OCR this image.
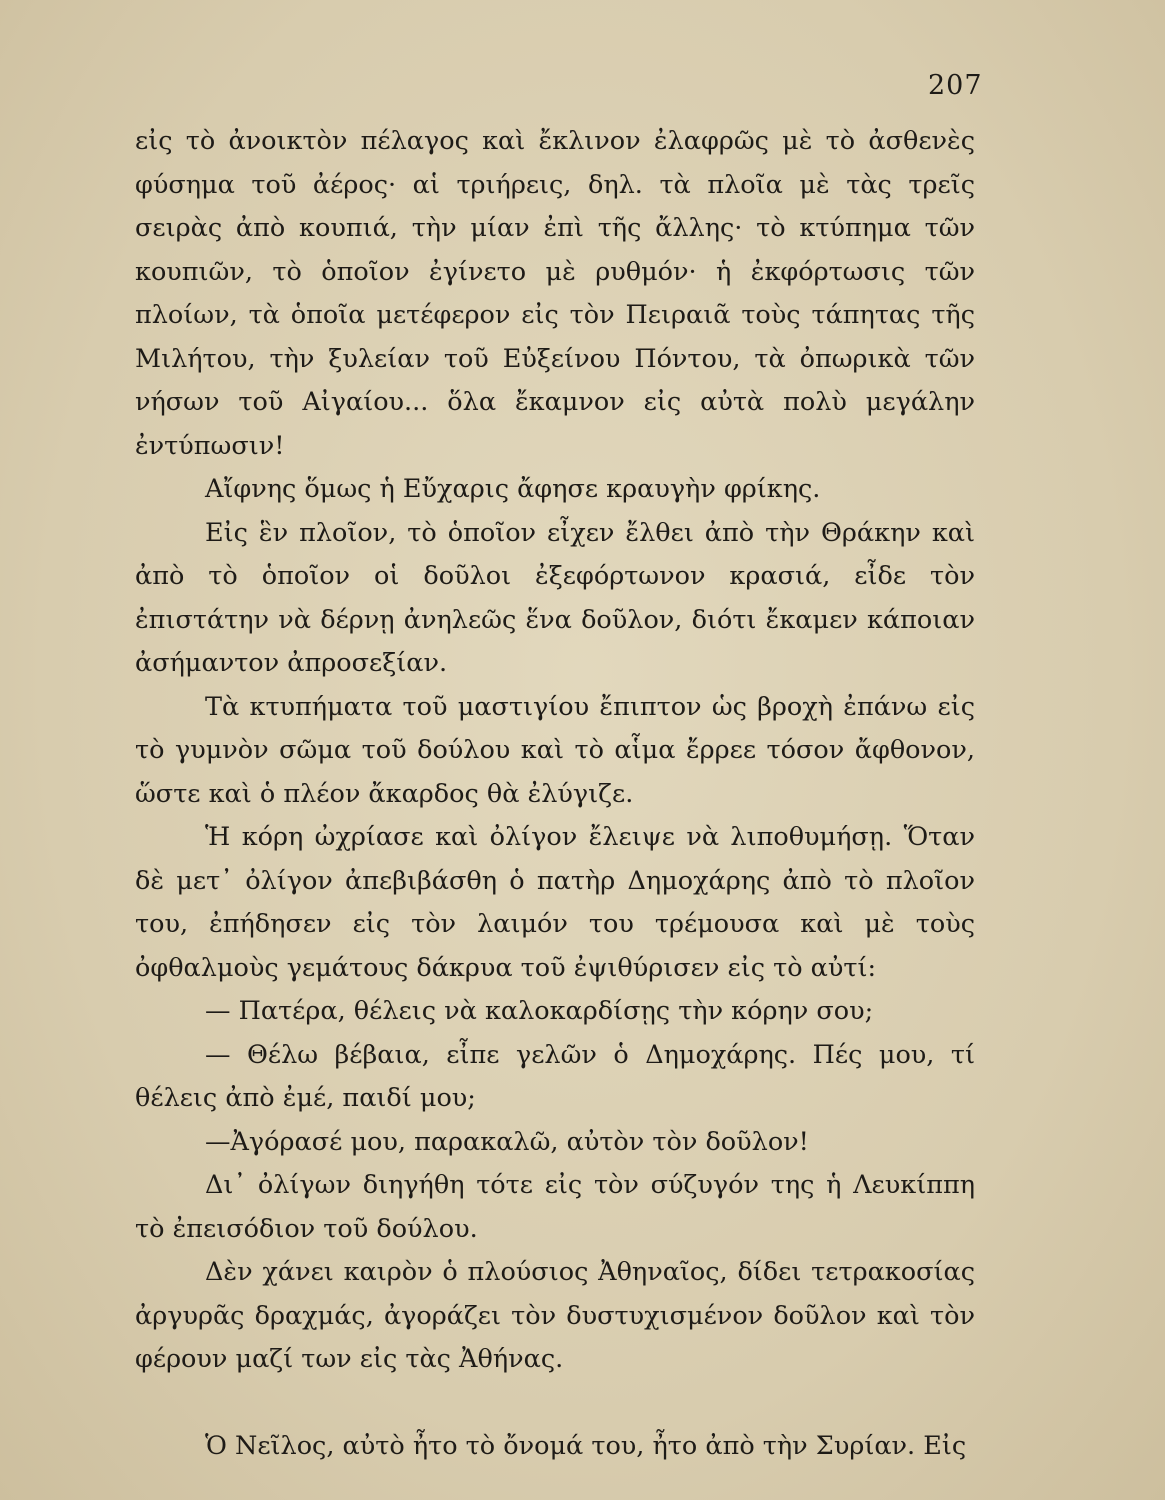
207

εἰς τὸ ἀνοικτὸν πέλαγος καὶ ἔκλινον ἐλαφρῶς μὲ τὸ ἀσθενὲς φύσημα τοῦ ἀέρος· αἱ τριήρεις, δηλ. τὰ πλοῖα μὲ τὰς τρεῖς σειρὰς ἀπὸ κουπιά, τὴν μίαν ἐπὶ τῆς ἄλλης· τὸ κτύπημα τῶν κουπιῶν, τὸ ὁποῖον ἐγίνετο μὲ ρυθμόν· ἡ ἐκφόρτωσις τῶν πλοίων, τὰ ὁποῖα μετέφερον εἰς τὸν Πειραιᾶ τοὺς τάπητας τῆς Μιλήτου, τὴν ξυλείαν τοῦ Εὐξείνου Πόντου, τὰ ὀπωρικὰ τῶν νήσων τοῦ Αἰγαίου... ὅλα ἔκαμνον εἰς αὐτὰ πολὺ μεγάλην ἐντύπωσιν!

Αἴφνης ὅμως ἡ Εὔχαρις ἄφησε κραυγὴν φρίκης.

Εἰς ἓν πλοῖον, τὸ ὁποῖον εἶχεν ἔλθει ἀπὸ τὴν Θράκην καὶ ἀπὸ τὸ ὁποῖον οἱ δοῦλοι ἐξεφόρτωνον κρασιά, εἶδε τὸν ἐπιστάτην νὰ δέρνῃ ἀνηλεῶς ἕνα δοῦλον, διότι ἔκαμεν κάποιαν ἀσήμαντον ἀπροσεξίαν.

Τὰ κτυπήματα τοῦ μαστιγίου ἔπιπτον ὡς βροχὴ ἐπάνω εἰς τὸ γυμνὸν σῶμα τοῦ δούλου καὶ τὸ αἷμα ἔρρεε τόσον ἄφθονον, ὥστε καὶ ὁ πλέον ἄκαρδος θὰ ἐλύγιζε.

Ἡ κόρη ὠχρίασε καὶ ὀλίγον ἔλειψε νὰ λιποθυμήσῃ. Ὅταν δὲ μετ᾽ ὀλίγον ἀπεβιβάσθη ὁ πατὴρ Δημοχάρης ἀπὸ τὸ πλοῖον του, ἐπήδησεν εἰς τὸν λαιμόν του τρέμουσα καὶ μὲ τοὺς ὀφθαλμοὺς γεμάτους δάκρυα τοῦ ἐψιθύρισεν εἰς τὸ αὐτί:

— Πατέρα, θέλεις νὰ καλοκαρδίσῃς τὴν κόρην σου;

— Θέλω βέβαια, εἶπε γελῶν ὁ Δημοχάρης. Πές μου, τί θέλεις ἀπὸ ἐμέ, παιδί μου;

—Ἀγόρασέ μου, παρακαλῶ, αὐτὸν τὸν δοῦλον!

Δι᾽ ὀλίγων διηγήθη τότε εἰς τὸν σύζυγόν της ἡ Λευκίππη τὸ ἐπεισόδιον τοῦ δούλου.

Δὲν χάνει καιρὸν ὁ πλούσιος Ἀθηναῖος, δίδει τετρακοσίας ἀργυρᾶς δραχμάς, ἀγοράζει τὸν δυστυχισμένον δοῦλον καὶ τὸν φέρουν μαζί των εἰς τὰς Ἀθήνας.

Ὁ Νεῖλος, αὐτὸ ἦτο τὸ ὄνομά του, ἦτο ἀπὸ τὴν Συρίαν. Εἰς
